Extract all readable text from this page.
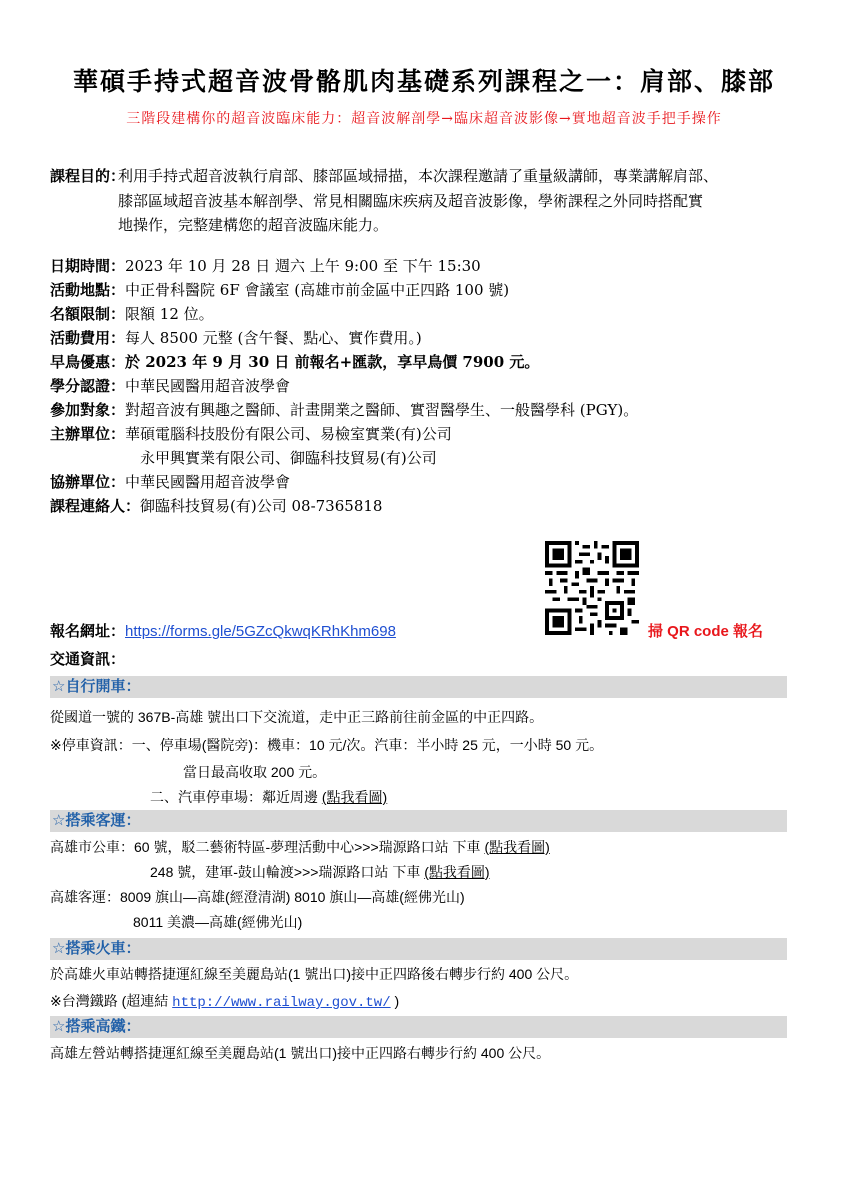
華碩手持式超音波骨骼肌肉基礎系列課程之一：肩部、膝部
三階段建構你的超音波臨床能力：超音波解剖學→臨床超音波影像→實地超音波手把手操作
課程目的：
利用手持式超音波執行肩部、膝部區域掃描，本次課程邀請了重量級講師，專業講解肩部、
膝部區域超音波基本解剖學、常見相關臨床疾病及超音波影像，學術課程之外同時搭配實
地操作，完整建構您的超音波臨床能力。
日期時間： 2023 年 10 月 28 日 週六 上午 9:00 至 下午 15:30
活動地點： 中正骨科醫院 6F 會議室 (高雄市前金區中正四路 100 號)
名額限制： 限額 12 位。
活動費用： 每人 8500 元整 (含午餐、點心、實作費用。)
早鳥優惠： 於 2023 年 9 月 30 日 前報名+匯款，享早鳥價 7900 元。
學分認證： 中華民國醫用超音波學會
參加對象： 對超音波有興趣之醫師、計畫開業之醫師、實習醫學生、一般醫學科 (PGY)。
主辦單位： 華碩電腦科技股份有限公司、易檢室實業(有)公司
永甲興實業有限公司、御臨科技貿易(有)公司
協辦單位： 中華民國醫用超音波學會
課程連絡人： 御臨科技貿易(有)公司 08-7365818
掃 QR code 報名
報名網址：https://forms.gle/5GZcQkwqKRhKhm698
交通資訊：
☆自行開車：
從國道一號的 367B-高雄 號出口下交流道，走中正三路前往前金區的中正四路。
※停車資訊：一、停車場(醫院旁)：機車：10 元/次。汽車：半小時 25 元，一小時 50 元。
當日最高收取 200 元。
二、汽車停車場：鄰近周邊 (點我看圖)
☆搭乘客運：
高雄市公車：60 號，駁二藝術特區-夢理活動中心>>>瑞源路口站 下車 (點我看圖)
248 號，建軍-鼓山輪渡>>>瑞源路口站 下車 (點我看圖)
高雄客運：8009 旗山—高雄(經澄清湖) 8010 旗山—高雄(經佛光山)
8011 美濃—高雄(經佛光山)
☆搭乘火車：
於高雄火車站轉搭捷運紅線至美麗島站(1 號出口)接中正四路後右轉步行約 400 公尺。
※台灣鐵路 (超連結 http://www.railway.gov.tw/ )
☆搭乘高鐵：
高雄左營站轉搭捷運紅線至美麗島站(1 號出口)接中正四路右轉步行約 400 公尺。
